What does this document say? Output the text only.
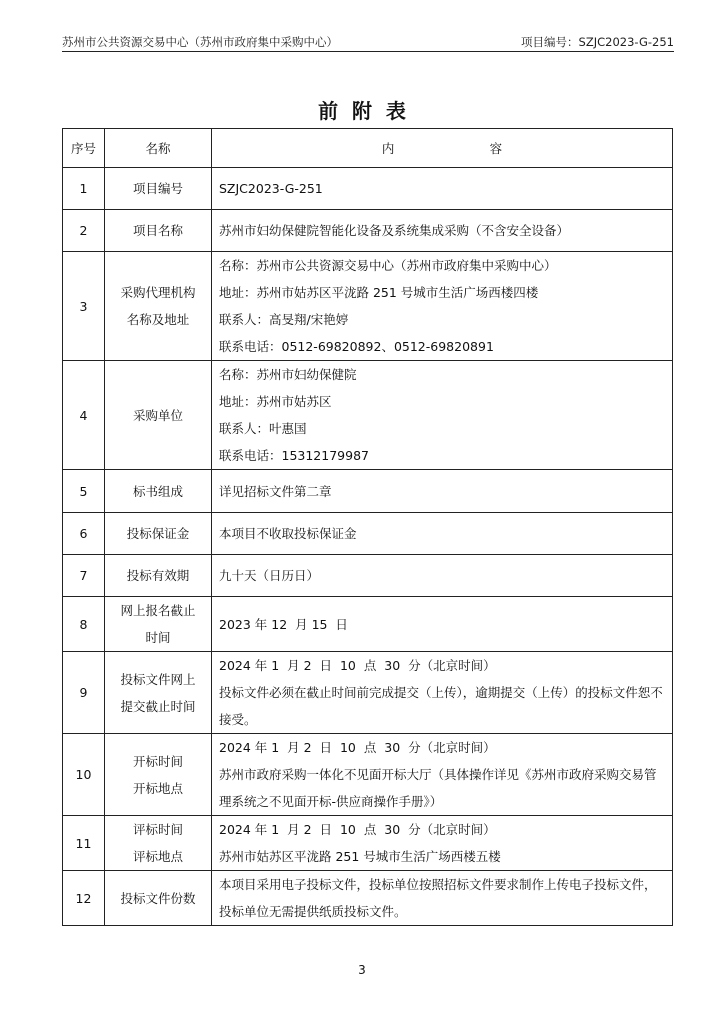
苏州市公共资源交易中心（苏州市政府集中采购中心）	项目编号：SZJC2023-G-251
前  附  表
序号	名称	内                        容
1	项目编号	SZJC2023-G-251

2	项目名称	苏州市妇幼保健院智能化设备及系统集成采购（不含安全设备）

3	采购代理机构
名称及地址	名称：苏州市公共资源交易中心（苏州市政府集中采购中心）
地址：苏州市姑苏区平泷路 251 号城市生活广场西楼四楼
联系人：高旻翔/宋艳婷
联系电话：0512-69820892、0512-69820891

4	采购单位	名称：苏州市妇幼保健院
地址：苏州市姑苏区
联系人：叶惠国
联系电话：15312179987

5	标书组成	详见招标文件第二章

6	投标保证金	本项目不收取投标保证金

7	投标有效期	九十天（日历日）

8	网上报名截止
时间	2023 年 12  月 15  日

9	投标文件网上
提交截止时间	2024 年 1  月 2  日  10  点  30  分（北京时间）
投标文件必须在截止时间前完成提交（上传），逾期提交（上传）的投标文件恕不接受。

10	开标时间
开标地点	2024 年 1  月 2  日  10  点  30  分（北京时间）
苏州市政府采购一体化不见面开标大厅（具体操作详见《苏州市政府采购交易管理系统之不见面开标-供应商操作手册》）

11	评标时间
评标地点	2024 年 1  月 2  日  10  点  30  分（北京时间）
苏州市姑苏区平泷路 251 号城市生活广场西楼五楼

12	投标文件份数	本项目采用电子投标文件，投标单位按照招标文件要求制作上传电子投标文件，投标单位无需提供纸质投标文件。
3
